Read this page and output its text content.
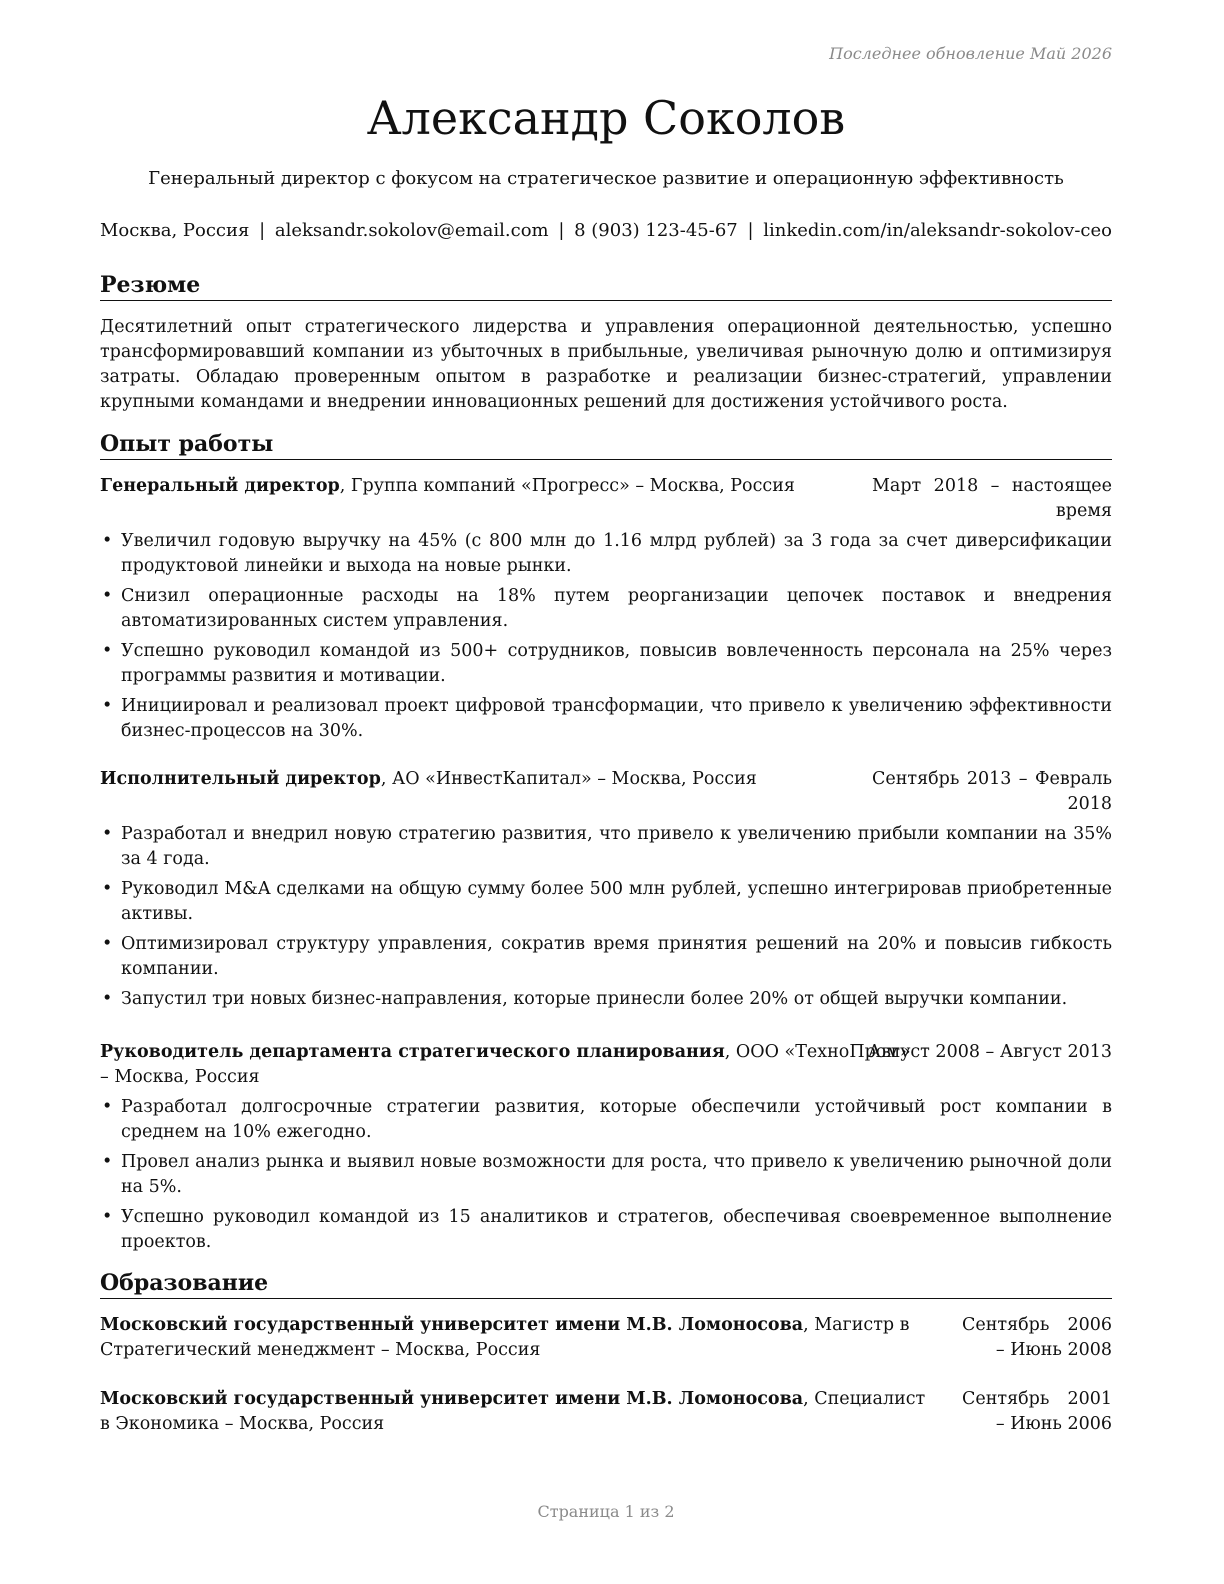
Последнее обновление Май 2026
Александр Соколов
Генеральный директор с фокусом на стратегическое развитие и операционную эффективность
Москва, Россия | aleksandr.sokolov@email.com | 8 (903) 123-45-67 | linkedin.com/in/aleksandr-sokolov-ceo
Резюме
Десятилетний опыт стратегического лидерства и управления операционной деятельностью, успешно трансформировавший компании из убыточных в прибыльные, увеличивая рыночную долю и оптимизируя затраты. Обладаю проверенным опытом в разработке и реализации бизнес-стратегий, управлении крупными командами и внедрении инновационных решений для достижения устойчивого роста.
Опыт работы
Генеральный директор, Группа компаний «Прогресс» – Москва, Россия	Март 2018 – настоящее время
• Увеличил годовую выручку на 45% (с 800 млн до 1.16 млрд рублей) за 3 года за счет диверсификации продуктовой линейки и выхода на новые рынки.
• Снизил операционные расходы на 18% путем реорганизации цепочек поставок и внедрения автоматизированных систем управления.
• Успешно руководил командой из 500+ сотрудников, повысив вовлеченность персонала на 25% через программы развития и мотивации.
• Инициировал и реализовал проект цифровой трансформации, что привело к увеличению эффективности бизнес-процессов на 30%.
Исполнительный директор, АО «ИнвестКапитал» – Москва, Россия	Сентябрь 2013 – Февраль 2018
• Разработал и внедрил новую стратегию развития, что привело к увеличению прибыли компании на 35% за 4 года.
• Руководил M&A сделками на общую сумму более 500 млн рублей, успешно интегрировав приобретенные активы.
• Оптимизировал структуру управления, сократив время принятия решений на 20% и повысив гибкость компании.
• Запустил три новых бизнес-направления, которые принесли более 20% от общей выручки компании.
Руководитель департамента стратегического планирования, ООО «ТехноПром»
Август 2008 – Август 2013
– Москва, Россия
• Разработал долгосрочные стратегии развития, которые обеспечили устойчивый рост компании в среднем на 10% ежегодно.
• Провел анализ рынка и выявил новые возможности для роста, что привело к увеличению рыночной доли на 5%.
• Успешно руководил командой из 15 аналитиков и стратегов, обеспечивая своевременное выполнение проектов.
Образование
Московский государственный университет имени М.В. Ломоносова, Магистр в
Стратегический менеджмент – Москва, Россия
Сентябрь 2006 – Июнь 2008
Московский государственный университет имени М.В. Ломоносова, Специалист
в Экономика – Москва, Россия
Сентябрь 2001 – Июнь 2006
Страница 1 из 2
